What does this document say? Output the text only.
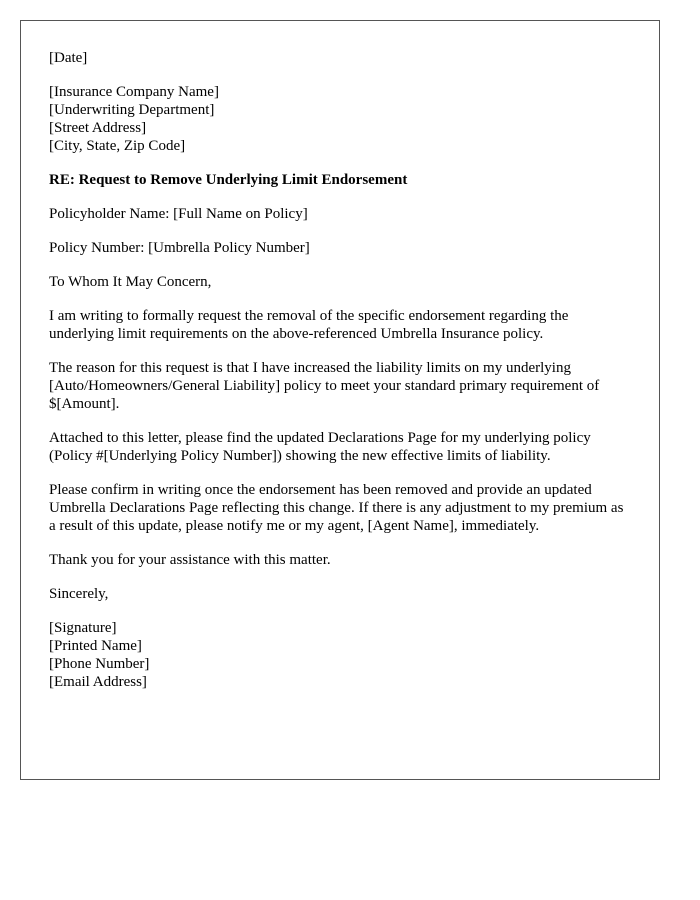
[Date]

[Insurance Company Name]

[Underwriting Department]

[Street Address]

[City, State, Zip Code]

RE: Request to Remove Underlying Limit Endorsement

Policyholder Name: [Full Name on Policy]

Policy Number: [Umbrella Policy Number]

To Whom It May Concern,

I am writing to formally request the removal of the specific endorsement regarding the underlying limit requirements on the above-referenced Umbrella Insurance policy.

The reason for this request is that I have increased the liability limits on my underlying [Auto/Homeowners/General Liability] policy to meet your standard primary requirement of $[Amount].

Attached to this letter, please find the updated Declarations Page for my underlying policy (Policy #[Underlying Policy Number]) showing the new effective limits of liability.

Please confirm in writing once the endorsement has been removed and provide an updated Umbrella Declarations Page reflecting this change. If there is any adjustment to my premium as a result of this update, please notify me or my agent, [Agent Name], immediately.

Thank you for your assistance with this matter.

Sincerely,

[Signature]

[Printed Name]

[Phone Number]

[Email Address]
